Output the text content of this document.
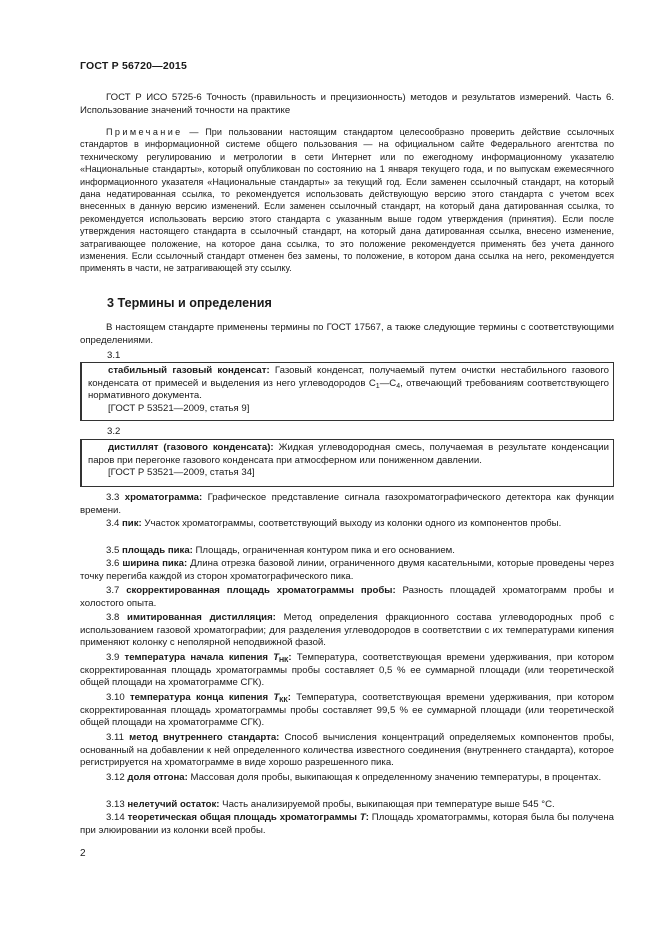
ГОСТ Р 56720—2015
ГОСТ Р ИСО 5725-6 Точность (правильность и прецизионность) методов и результатов измерений. Часть 6. Использование значений точности на практике
Примечание — При пользовании настоящим стандартом целесообразно проверить действие ссылочных стандартов в информационной системе общего пользования — на официальном сайте Федерального агентства по техническому регулированию и метрологии в сети Интернет или по ежегодному информационному указателю «Национальные стандарты», который опубликован по состоянию на 1 января текущего года, и по выпускам ежемесячного информационного указателя «Национальные стандарты» за текущий год. Если заменен ссылочный стандарт, на который дана недатированная ссылка, то рекомендуется использовать действующую версию этого стандарта с учетом всех внесенных в данную версию изменений. Если заменен ссылочный стандарт, на который дана датированная ссылка, то рекомендуется использовать версию этого стандарта с указанным выше годом утверждения (принятия). Если после утверждения настоящего стандарта в ссылочный стандарт, на который дана датированная ссылка, внесено изменение, затрагивающее положение, на которое дана ссылка, то это положение рекомендуется применять без учета данного изменения. Если ссылочный стандарт отменен без замены, то положение, в котором дана ссылка на него, рекомендуется применять в части, не затрагивающей эту ссылку.
3 Термины и определения
В настоящем стандарте применены термины по ГОСТ 17567, а также следующие термины с соответствующими определениями.
3.1
стабильный газовый конденсат: Газовый конденсат, получаемый путем очистки нестабильного газового конденсата от примесей и выделения из него углеводородов $С_1—С_4$, отвечающий требованиям соответствующего нормативного документа.
[ГОСТ Р 53521—2009, статья 9]
3.2
дистиллят (газового конденсата): Жидкая углеводородная смесь, получаемая в результате конденсации паров при перегонке газового конденсата при атмосферном или пониженном давлении.
[ГОСТ Р 53521—2009, статья 34]
3.3 хроматограмма: Графическое представление сигнала газохроматографического детектора как функции времени.
3.4 пик: Участок хроматограммы, соответствующий выходу из колонки одного из компонентов пробы.
3.5 площадь пика: Площадь, ограниченная контуром пика и его основанием.
3.6 ширина пика: Длина отрезка базовой линии, ограниченного двумя касательными, которые проведены через точку перегиба каждой из сторон хроматографического пика.
3.7 скорректированная площадь хроматограммы пробы: Разность площадей хроматограмм пробы и холостого опыта.
3.8 имитированная дистилляция: Метод определения фракционного состава углеводородных проб с использованием газовой хроматографии; для разделения углеводородов в соответствии с их температурами кипения применяют колонку с неполярной неподвижной фазой.
3.9 температура начала кипения $Т_{НК}$: Температура, соответствующая времени удерживания, при котором скорректированная площадь хроматограммы пробы составляет 0,5 % ее суммарной площади (или теоретической общей площади на хроматограмме СГК).
3.10 температура конца кипения $Т_{КК}$: Температура, соответствующая времени удерживания, при котором скорректированная площадь хроматограммы пробы составляет 99,5 % ее суммарной площади (или теоретической общей площади на хроматограмме СГК).
3.11 метод внутреннего стандарта: Способ вычисления концентраций определяемых компонентов пробы, основанный на добавлении к ней определенного количества известного соединения (внутреннего стандарта), которое регистрируется на хроматограмме в виде хорошо разрешенного пика.
3.12 доля отгона: Массовая доля пробы, выкипающая к определенному значению температуры, в процентах.
3.13 нелетучий остаток: Часть анализируемой пробы, выкипающая при температуре выше 545 °С.
3.14 теоретическая общая площадь хроматограммы Т: Площадь хроматограммы, которая была бы получена при элюировании из колонки всей пробы.
2
